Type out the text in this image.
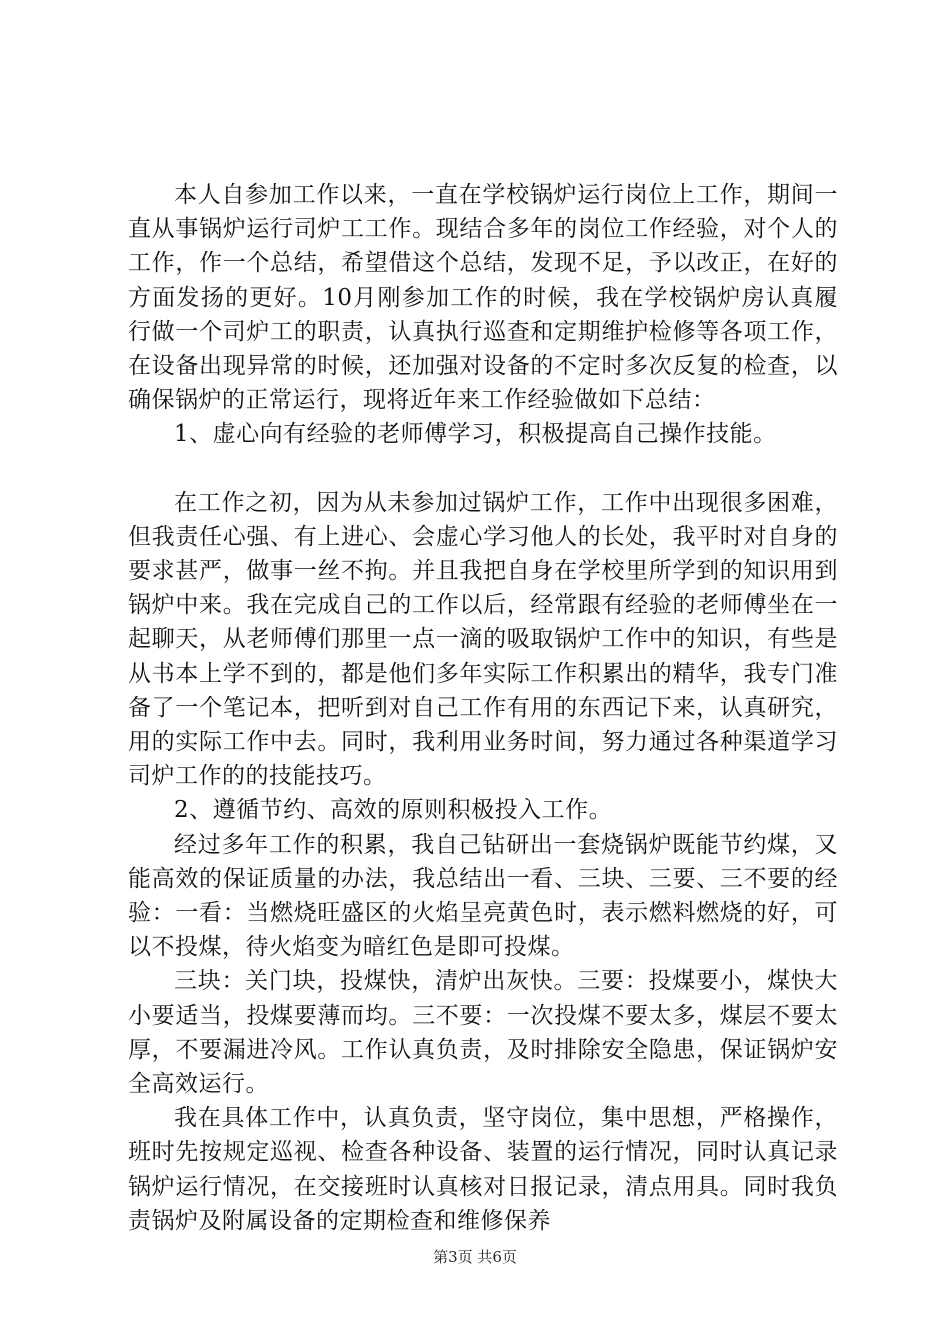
本人自参加工作以来，一直在学校锅炉运行岗位上工作，期间一直从事锅炉运行司炉工工作。现结合多年的岗位工作经验，对个人的工作，作一个总结，希望借这个总结，发现不足，予以改正，在好的方面发扬的更好。10月刚参加工作的时候，我在学校锅炉房认真履行做一个司炉工的职责，认真执行巡查和定期维护检修等各项工作，在设备出现异常的时候，还加强对设备的不定时多次反复的检查，以确保锅炉的正常运行，现将近年来工作经验做如下总结：

1、虚心向有经验的老师傅学习，积极提高自己操作技能。

在工作之初，因为从未参加过锅炉工作，工作中出现很多困难，但我责任心强、有上进心、会虚心学习他人的长处，我平时对自身的要求甚严，做事一丝不拘。并且我把自身在学校里所学到的知识用到锅炉中来。我在完成自己的工作以后，经常跟有经验的老师傅坐在一起聊天，从老师傅们那里一点一滴的吸取锅炉工作中的知识，有些是从书本上学不到的，都是他们多年实际工作积累出的精华，我专门准备了一个笔记本，把听到对自己工作有用的东西记下来，认真研究，用的实际工作中去。同时，我利用业务时间，努力通过各种渠道学习司炉工作的的技能技巧。

2、遵循节约、高效的原则积极投入工作。

经过多年工作的积累，我自己钻研出一套烧锅炉既能节约煤，又能高效的保证质量的办法，我总结出一看、三块、三要、三不要的经验：一看：当燃烧旺盛区的火焰呈亮黄色时，表示燃料燃烧的好，可以不投煤，待火焰变为暗红色是即可投煤。

三块：关门块，投煤快，清炉出灰快。三要：投煤要小，煤快大小要适当，投煤要薄而均。三不要：一次投煤不要太多，煤层不要太厚，不要漏进冷风。工作认真负责，及时排除安全隐患，保证锅炉安全高效运行。

我在具体工作中，认真负责，坚守岗位，集中思想，严格操作，班时先按规定巡视、检查各种设备、装置的运行情况，同时认真记录锅炉运行情况，在交接班时认真核对日报记录，清点用具。同时我负责锅炉及附属设备的定期检查和维修保养

第3页 共6页
